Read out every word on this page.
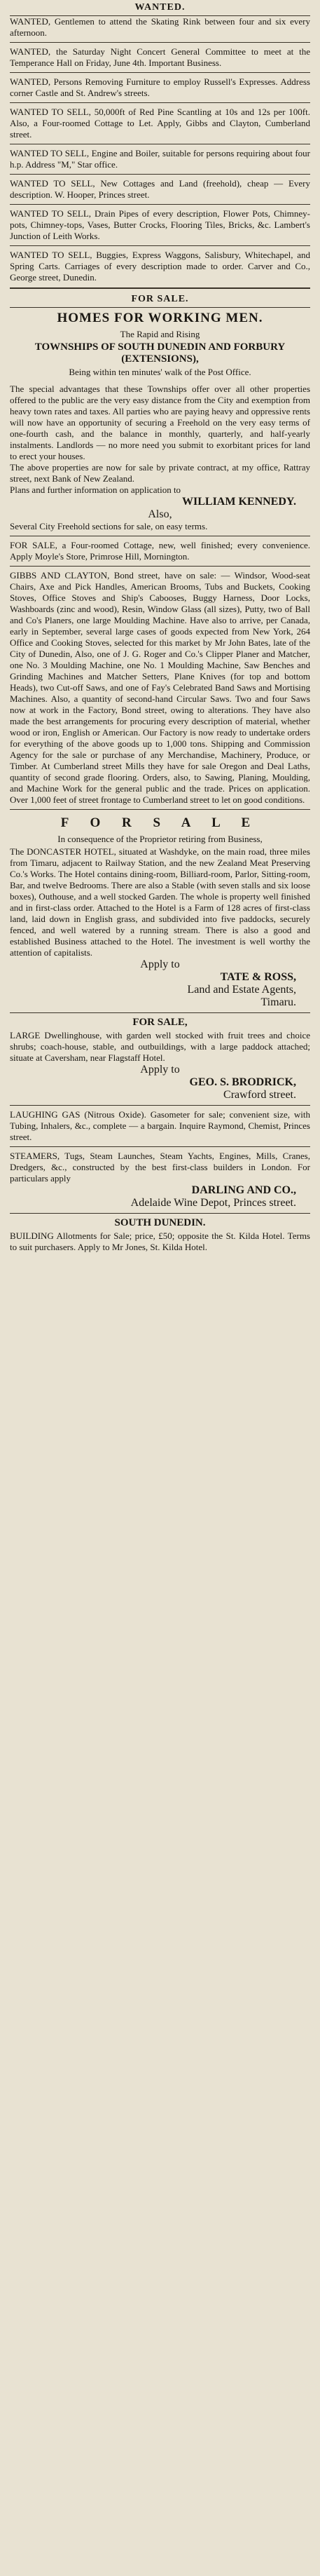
WANTED.

WANTED, Gentlemen to attend the Skating Rink between four and six every afternoon.

WANTED, the Saturday Night Concert General Committee to meet at the Temperance Hall on Friday, June 4th. Important Business.

WANTED, Persons Removing Furniture to employ Russell's Expresses. Address corner Castle and St. Andrew's streets.

WANTED TO SELL, 50,000ft of Red Pine Scantling at 10s and 12s per 100ft. Also, a Four-roomed Cottage to Let. Apply, Gibbs and Clayton, Cumberland street.

WANTED TO SELL, Engine and Boiler, suitable for persons requiring about four h.p. Address "M," Star office.

WANTED TO SELL, New Cottages and Land (freehold), cheap — Every description. W. Hooper, Princes street.

WANTED TO SELL, Drain Pipes of every description, Flower Pots, Chimney-pots, Chimney-tops, Vases, Butter Crocks, Flooring Tiles, Bricks, &c. Lambert's Junction of Leith Works.

WANTED TO SELL, Buggies, Express Waggons, Salisbury, Whitechapel, and Spring Carts. Carriages of every description made to order. Carver and Co., George street, Dunedin.

FOR SALE.
HOMES FOR WORKING MEN.
The Rapid and Rising
TOWNSHIPS OF SOUTH DUNEDIN AND FORBURY (EXTENSIONS),
Being within ten minutes' walk of the Post Office.

The special advantages that these Townships offer over all other properties offered to the public are the very easy distance from the City and exemption from heavy town rates and taxes. All parties who are paying heavy and oppressive rents will now have an opportunity of securing a Freehold on the very easy terms of one-fourth cash, and the balance in monthly, quarterly, and half-yearly instalments. Landlords — no more need you submit to exorbitant prices for land to erect your houses.

The above properties are now for sale by private contract, at my office, Rattray street, next Bank of New Zealand.

Plans and further information on application to

WILLIAM KENNEDY.
Also,

Several City Freehold sections for sale, on easy terms.

FOR SALE, a Four-roomed Cottage, new, well finished; every convenience. Apply Moyle's Store, Primrose Hill, Mornington.

GIBBS AND CLAYTON, Bond street, have on sale: — Windsor, Wood-seat Chairs, Axe and Pick Handles, American Brooms, Tubs and Buckets, Cooking Stoves, Office Stoves and Ship's Cabooses, Buggy Harness, Door Locks, Washboards (zinc and wood), Resin, Window Glass (all sizes), Putty, two of Ball and Co's Planers, one large Moulding Machine. Have also to arrive, per Canada, early in September, several large cases of goods expected from New York, 264 Office and Cooking Stoves, selected for this market by Mr John Bates, late of the City of Dunedin, Also, one of J. G. Roger and Co.'s Clipper Planer and Matcher, one No. 3 Moulding Machine, one No. 1 Moulding Machine, Saw Benches and Grinding Machines and Matcher Setters, Plane Knives (for top and bottom Heads), two Cut-off Saws, and one of Fay's Celebrated Band Saws and Mortising Machines. Also, a quantity of second-hand Circular Saws. Two and four Saws now at work in the Factory, Bond street, owing to alterations. They have also made the best arrangements for procuring every description of material, whether wood or iron, English or American. Our Factory is now ready to undertake orders for everything of the above goods up to 1,000 tons. Shipping and Commission Agency for the sale or purchase of any Merchandise, Machinery, Produce, or Timber. At Cumberland street Mills they have for sale Oregon and Deal Laths, quantity of second grade flooring. Orders, also, to Sawing, Planing, Moulding, and Machine Work for the general public and the trade. Prices on application. Over 1,000 feet of street frontage to Cumberland street to let on good conditions.

F O R S A L E
In consequence of the Proprietor retiring from Business,

The DONCASTER HOTEL, situated at Washdyke, on the main road, three miles from Timaru, adjacent to Railway Station, and the new Zealand Meat Preserving Co.'s Works. The Hotel contains dining-room, Billiard-room, Parlor, Sitting-room, Bar, and twelve Bedrooms. There are also a Stable (with seven stalls and six loose boxes), Outhouse, and a well stocked Garden. The whole is property well finished and in first-class order. Attached to the Hotel is a Farm of 128 acres of first-class land, laid down in English grass, and subdivided into five paddocks, securely fenced, and well watered by a running stream. There is also a good and established Business attached to the Hotel. The investment is well worthy the attention of capitalists.

Apply to
TATE & ROSS,
Land and Estate Agents,
Timaru.
FOR SALE,

LARGE Dwellinghouse, with garden well stocked with fruit trees and choice shrubs; coach-house, stable, and outbuildings, with a large paddock attached; situate at Caversham, near Flagstaff Hotel.

Apply to
GEO. S. BRODRICK,
Crawford street.

LAUGHING GAS (Nitrous Oxide). Gasometer for sale; convenient size, with Tubing, Inhalers, &c., complete — a bargain. Inquire Raymond, Chemist, Princes street.

STEAMERS, Tugs, Steam Launches, Steam Yachts, Engines, Mills, Cranes, Dredgers, &c., constructed by the best first-class builders in London. For particulars apply

DARLING AND CO.,
Adelaide Wine Depot, Princes street.
SOUTH DUNEDIN.

BUILDING Allotments for Sale; price, £50; opposite the St. Kilda Hotel. Terms to suit purchasers. Apply to Mr Jones, St. Kilda Hotel.
